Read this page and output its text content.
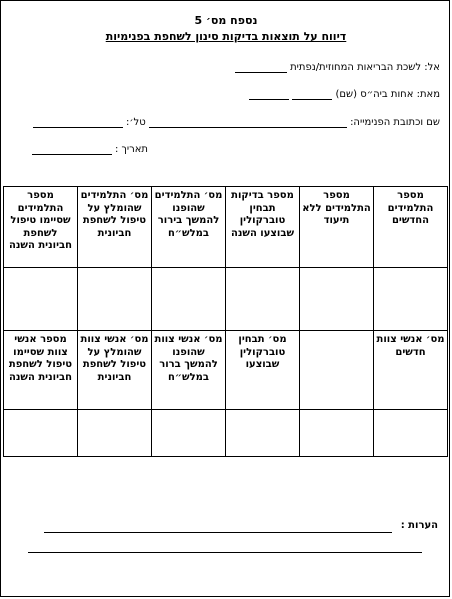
נספח מס׳ 5
דיווח על תוצאות בדיקות סינון לשחפת בפנימיות
אל: לשכת הבריאות המחוזית/נפתית
מאת: אחות ביה״ס (שם)
שם וכתובת הפנימייה:  טל׳:
תאריך :
מספר התלמידים החדשים	מספר התלמידים ללא תיעוד	מספר בדיקות תבחין טוברקולין שבוצעו השנה	מס׳ התלמידים שהופנו להמשך בירור במלש״ח	מס׳ התלמידים שהומלץ על טיפול לשחפת חביונית	מספר התלמידים שסיימו טיפול לשחפת חביונית השנה

מס׳ אנשי צוות חדשים		מס׳ תבחין טוברקולין שבוצעו	מס׳ אנשי צוות שהופנו להמשך ברור במלש״ח	מס׳ אנשי צוות שהומלץ על טיפול לשחפת חביונית	מספר אנשי צוות שסיימו טיפול לשחפת חביונית השנה

הערות :
